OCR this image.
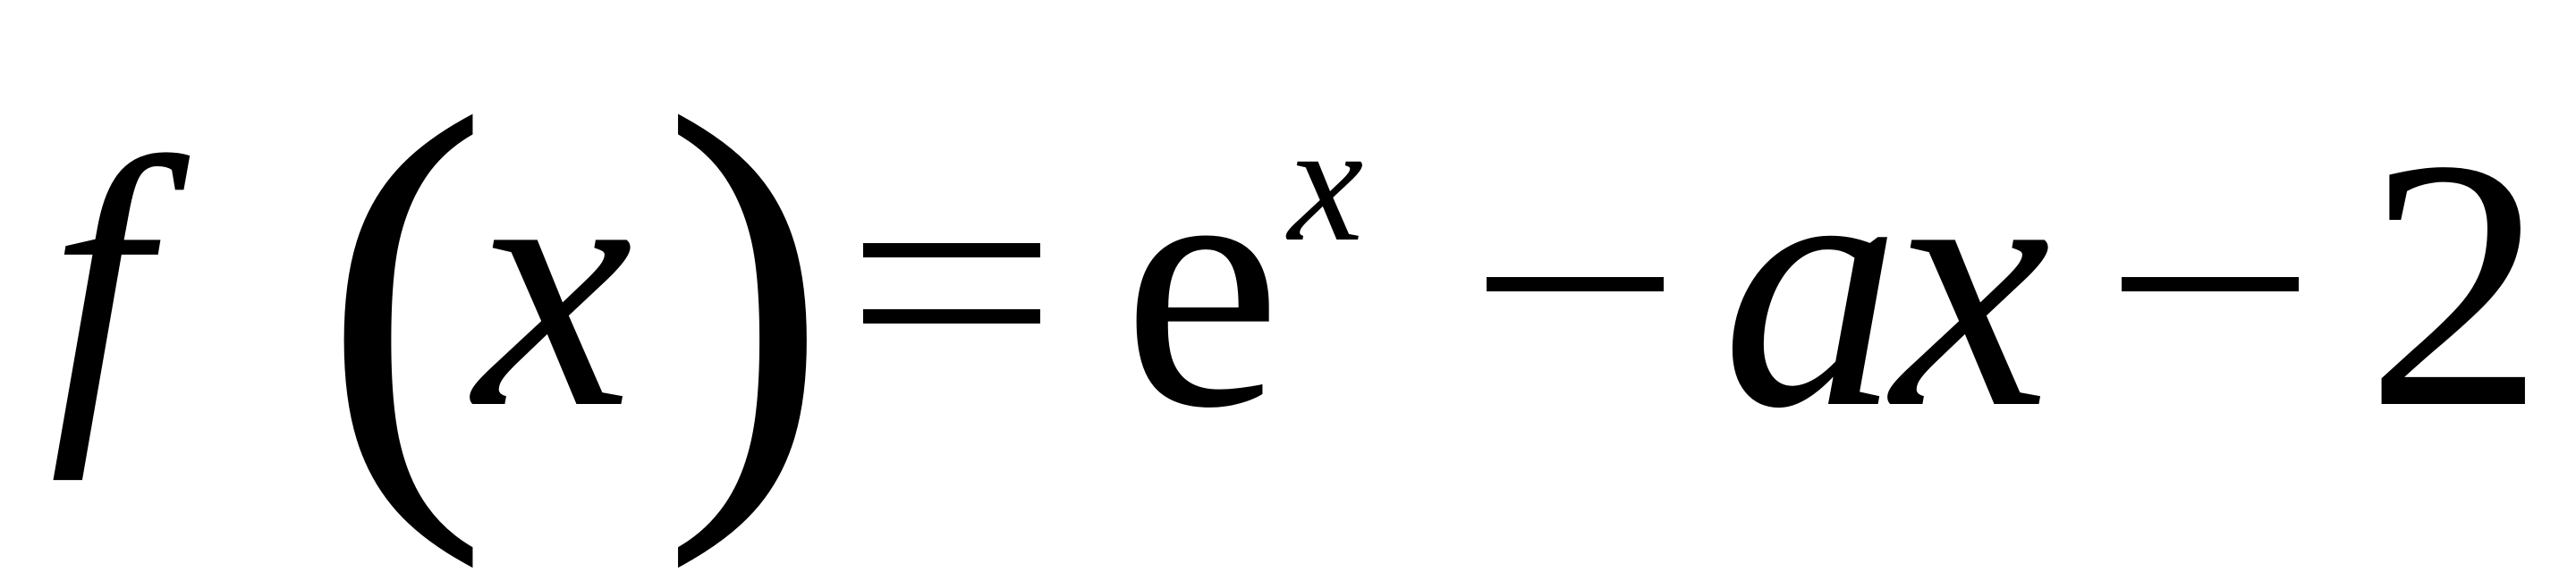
f (
x ) e x a
x 2
